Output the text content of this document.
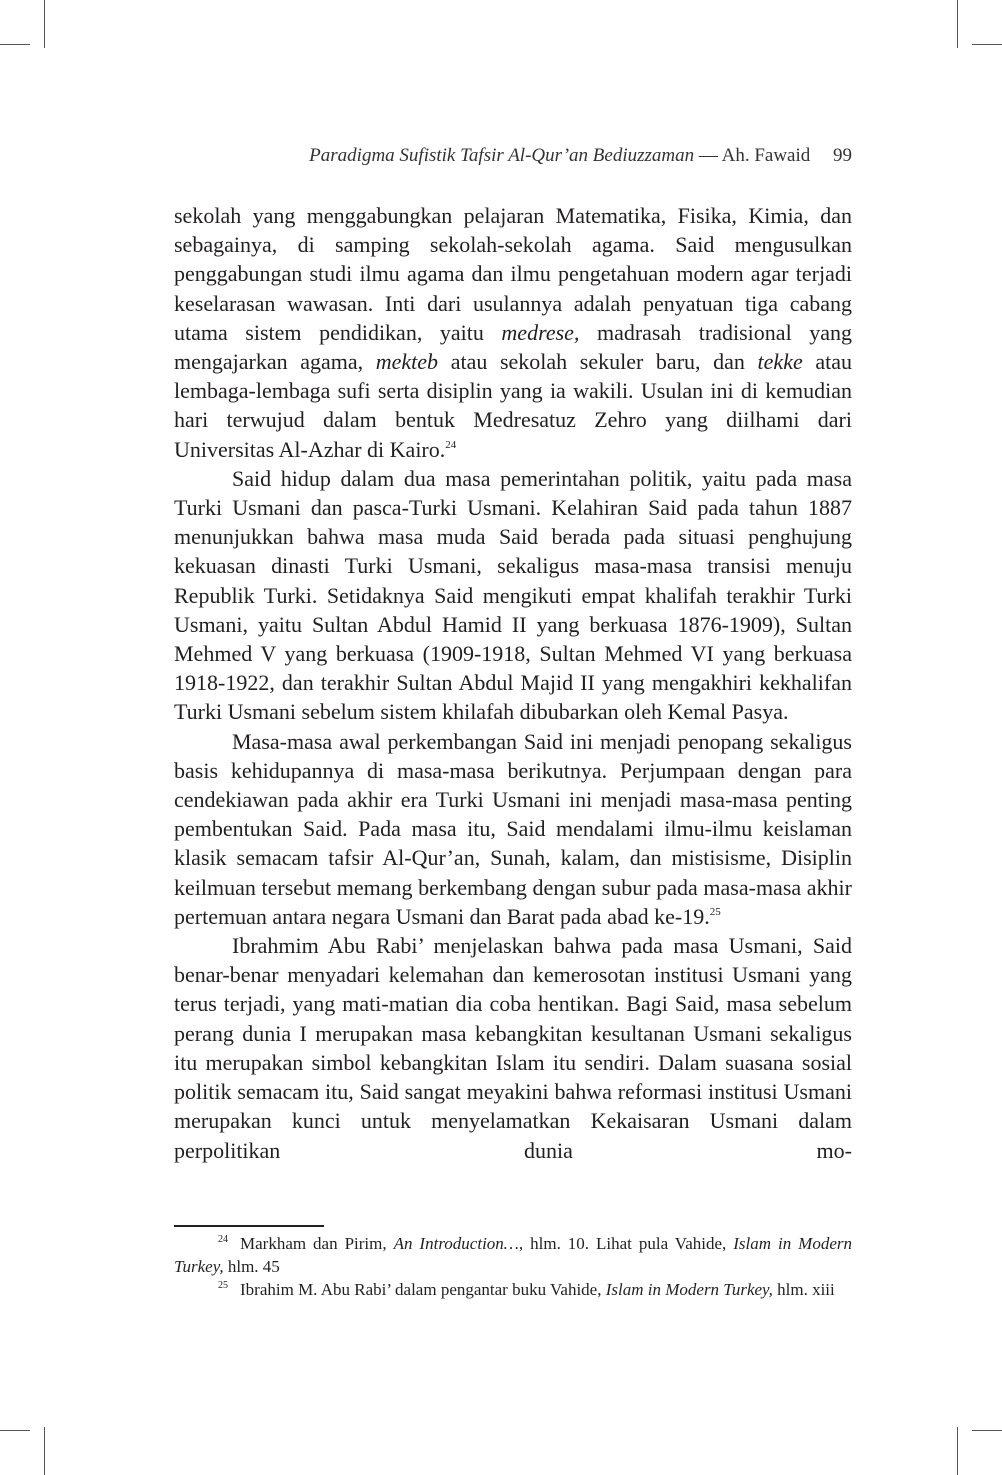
Paradigma Sufistik Tafsir Al-Qur’an Bediuzzaman — Ah. Fawaid 99

sekolah yang menggabungkan pelajaran Matematika, Fisika, Kimia, dan sebagainya, di samping sekolah-sekolah agama. Said mengusulkan penggabungan studi ilmu agama dan ilmu pengetahuan modern agar terjadi keselarasan wawasan. Inti dari usulannya adalah penyatuan tiga cabang utama sistem pendidikan, yaitu medrese, madrasah tradisional yang mengajarkan agama, mekteb atau sekolah sekuler baru, dan tekke atau lembaga-lembaga sufi serta disiplin yang ia wakili. Usulan ini di kemudian hari terwujud dalam bentuk Medresatuz Zehro yang diilhami dari Universitas Al-Azhar di Kairo.$^{24}$

Said hidup dalam dua masa pemerintahan politik, yaitu pada masa Turki Usmani dan pasca-Turki Usmani. Kelahiran Said pada tahun 1887 menunjukkan bahwa masa muda Said berada pada situasi penghujung kekuasan dinasti Turki Usmani, sekaligus masa-masa transisi menuju Republik Turki. Setidaknya Said mengikuti empat khalifah terakhir Turki Usmani, yaitu Sultan Abdul Hamid II yang berkuasa 1876-1909), Sultan Mehmed V yang berkuasa (1909-1918, Sultan Mehmed VI yang berkuasa 1918-1922, dan terakhir Sultan Abdul Majid II yang mengakhiri kekhalifan Turki Usmani sebelum sistem khilafah dibubarkan oleh Kemal Pasya.

Masa-masa awal perkembangan Said ini menjadi penopang sekaligus basis kehidupannya di masa-masa berikutnya. Perjumpaan dengan para cendekiawan pada akhir era Turki Usmani ini menjadi masa-masa penting pembentukan Said. Pada masa itu, Said mendalami ilmu-ilmu keislaman klasik semacam tafsir Al-Qur’an, Sunah, kalam, dan mistisisme, Disiplin keilmuan tersebut memang berkembang dengan subur pada masa-masa akhir pertemuan antara negara Usmani dan Barat pada abad ke-19.25

Ibrahmim Abu Rabi’ menjelaskan bahwa pada masa Usmani, Said benar-benar menyadari kelemahan dan kemerosotan institusi Usmani yang terus terjadi, yang mati-matian dia coba hentikan. Bagi Said, masa sebelum perang dunia I merupakan masa kebangkitan kesultanan Usmani sekaligus itu merupakan simbol kebangkitan Islam itu sendiri. Dalam suasana sosial politik semacam itu, Said sangat meyakini bahwa reformasi institusi Usmani merupakan kunci untuk menyelamatkan Kekaisaran Usmani dalam perpolitikan dunia mo-

$^{24}$ Markham dan Pirim, An Introduction…, hlm. 10. Lihat pula Vahide, Islam in Modern Turkey, hlm. 45

$^{25}$ Ibrahim M. Abu Rabi’ dalam pengantar buku Vahide, Islam in Modern Turkey, hlm. xiii
